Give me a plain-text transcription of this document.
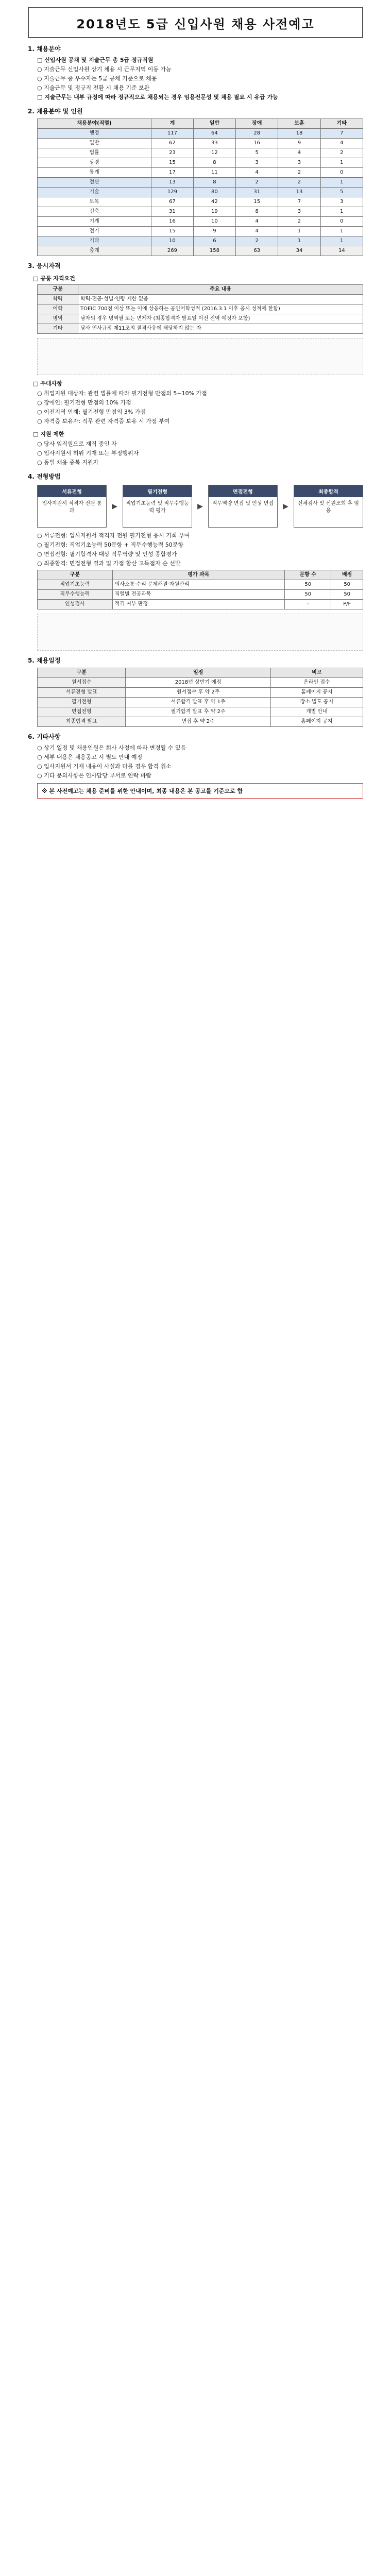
2018년도 5급 신입사원 채용 사전예고
1. 채용분야
□ 신입사원 공채 및 지술근무 총 5급 정규직원
○ 지술근무 신입사원 상기 채용 시 근무지역 이동 가능
○ 지술근무 중 우수자는 5급 공채 기준으로 채용
○ 지술근무 및 정규직 전환 시 채용 기준 보완
□ 지술근무는 내부 규정에 따라 정규직으로 채용되는 경우 임용전문성 및 채용 필요 시 유급 가능
2. 채용분야 및 인원
채용분야(직렬)	계	일반	장애	보훈	기타
행정	117	64	28	18	7
일반	62	33	16	9	4
법률	23	12	5	4	2
상경	15	8	3	3	1
통계	17	11	4	2	0
전산	13	8	2	2	1
기술	129	80	31	13	5
토목	67	42	15	7	3
건축	31	19	8	3	1
기계	16	10	4	2	0
전기	15	9	4	1	1
기타	10	6	2	1	1
총계	269	158	63	34	14
3. 응시자격
□ 공통 자격요건
구분	주요 내용
학력	학력·전공·성별·연령 제한 없음
어학	TOEIC 700점 이상 또는 이에 상응하는 공인어학성적 (2016.3.1 이후 응시 성적에 한함)
병역	남자의 경우 병역필 또는 면제자 (최종합격자 발표일 이전 전역 예정자 포함)
기타	당사 인사규정 제11조의 결격사유에 해당하지 않는 자
□ 우대사항
○ 취업지원 대상자: 관련 법률에 따라 필기전형 만점의 5~10% 가점
○ 장애인: 필기전형 만점의 10% 가점
○ 이전지역 인재: 필기전형 만점의 3% 가점
○ 자격증 보유자: 직무 관련 자격증 보유 시 가점 부여
□ 지원 제한
○ 당사 임직원으로 재직 중인 자
○ 입사지원서 허위 기재 또는 부정행위자
○ 동일 채용 중복 지원자
4. 전형방법
서류전형
입사지원서 적격자 전원 통과
▶
필기전형
직업기초능력 및 직무수행능력 평가
▶
면접전형
직무역량 면접 및 인성 면접	▶
최종합격
신체검사 및 신원조회 후 임용
○ 서류전형: 입사지원서 적격자 전원 필기전형 응시 기회 부여
○ 필기전형: 직업기초능력 50문항 + 직무수행능력 50문항
○ 면접전형: 필기합격자 대상 직무역량 및 인성 종합평가
○ 최종합격: 면접전형 결과 및 가점 합산 고득점자 순 선발
구분	평가 과목	문항 수	배점
직업기초능력	의사소통·수리·문제해결·자원관리	50	50
직무수행능력	직렬별 전공과목	50	50
인성검사	적격 여부 판정	-	P/F
5. 채용일정
구분	일정	비고
원서접수	2018년 상반기 예정	온라인 접수
서류전형 발표	원서접수 후 약 2주	홈페이지 공지
필기전형	서류합격 발표 후 약 1주	장소 별도 공지
면접전형	필기합격 발표 후 약 2주	개별 안내
최종합격 발표	면접 후 약 2주	홈페이지 공지
6. 기타사항
○ 상기 일정 및 채용인원은 회사 사정에 따라 변경될 수 있음
○ 세부 내용은 채용공고 시 별도 안내 예정
○ 입사지원서 기재 내용이 사실과 다를 경우 합격 취소
○ 기타 문의사항은 인사담당 부서로 연락 바람
※ 본 사전예고는 채용 준비를 위한 안내이며, 최종 내용은 본 공고를 기준으로 함
